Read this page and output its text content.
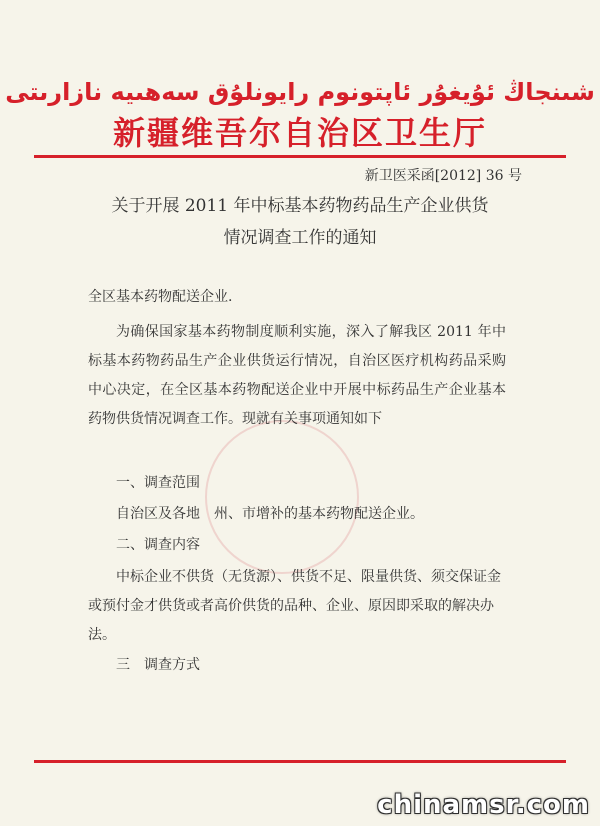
شىنجاڭ ئۇيغۇر ئاپتونوم رايونلۇق سەھىيە نازارىتى
新疆维吾尔自治区卫生厅
新卫医采函[2012] 36 号
关于开展 2011 年中标基本药物药品生产企业供货
情况调查工作的通知
全区基本药物配送企业.
为确保国家基本药物制度顺利实施，深入了解我区 2011 年中标基本药物药品生产企业供货运行情况，自治区医疗机构药品采购中心决定，在全区基本药物配送企业中开展中标药品生产企业基本药物供货情况调查工作。现就有关事项通知如下
一、调查范围
自治区及各地　州、市增补的基本药物配送企业。
二、调查内容
中标企业不供货（无货源）、供货不足、限量供货、须交保证金或预付金才供货或者高价供货的品种、企业、原因即采取的解决办法。
三　调查方式
chinamsr.com
